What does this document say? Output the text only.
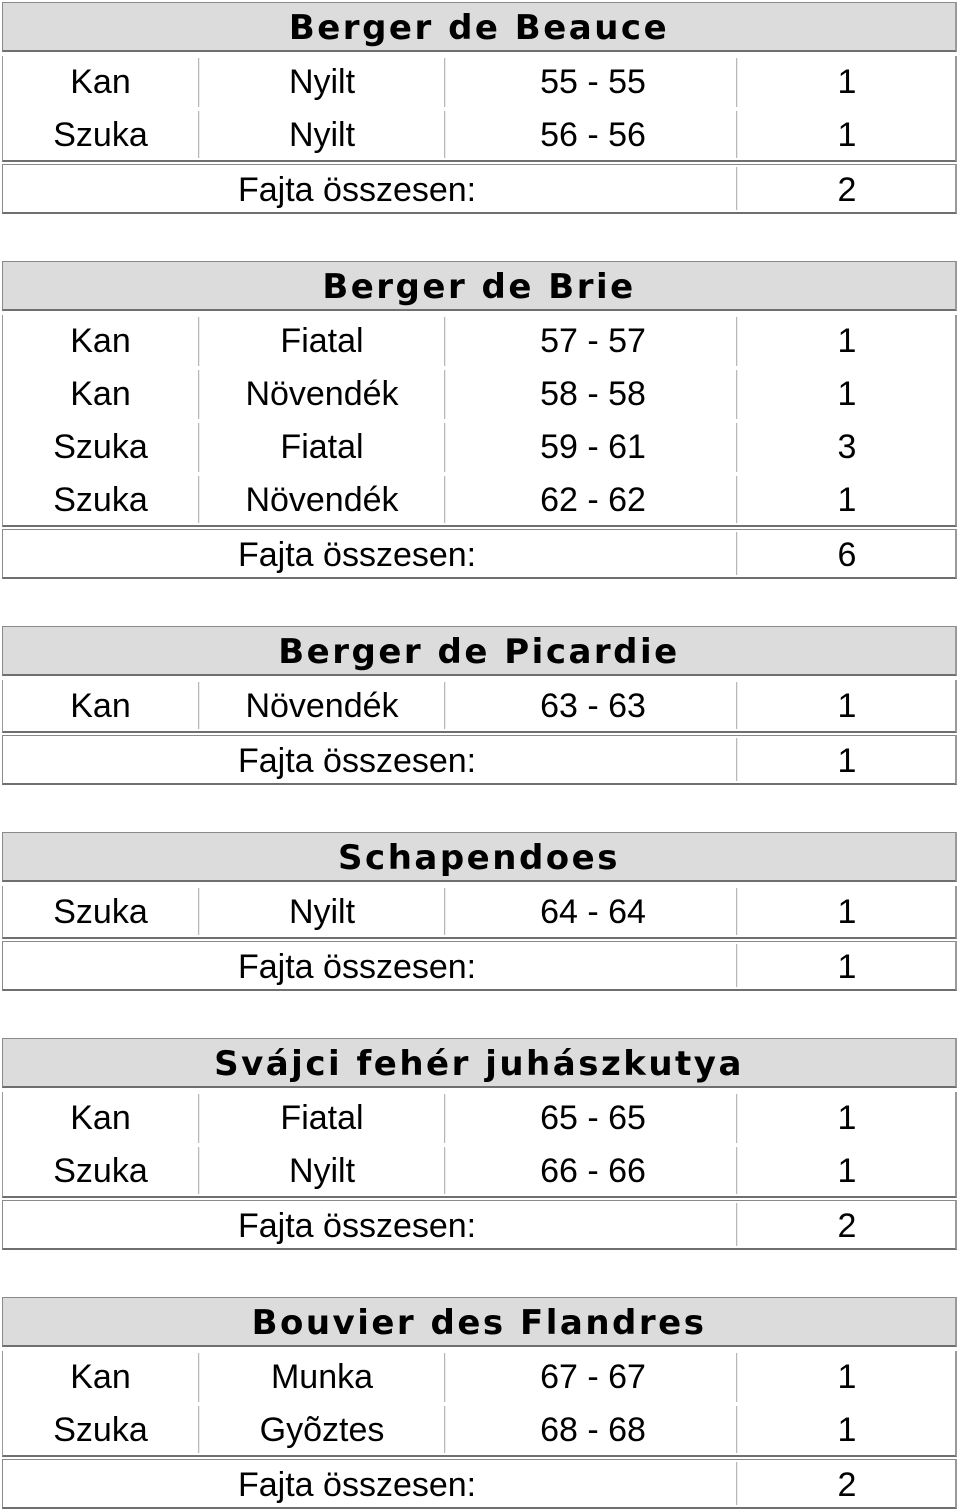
Berger de Beauce
Kan	Nyilt	55 - 55	1
Szuka	Nyilt	56 - 56	1
Fajta összesen:	2
Berger de Brie
Kan	Fiatal	57 - 57	1
Kan	Növendék	58 - 58	1
Szuka	Fiatal	59 - 61	3
Szuka	Növendék	62 - 62	1
Fajta összesen:	6
Berger de Picardie
Kan	Növendék	63 - 63	1
Fajta összesen:	1
Schapendoes
Szuka	Nyilt	64 - 64	1
Fajta összesen:	1
Svájci fehér juhászkutya
Kan	Fiatal	65 - 65	1
Szuka	Nyilt	66 - 66	1
Fajta összesen:	2
Bouvier des Flandres
Kan	Munka	67 - 67	1
Szuka	Gyõztes	68 - 68	1
Fajta összesen:	2
